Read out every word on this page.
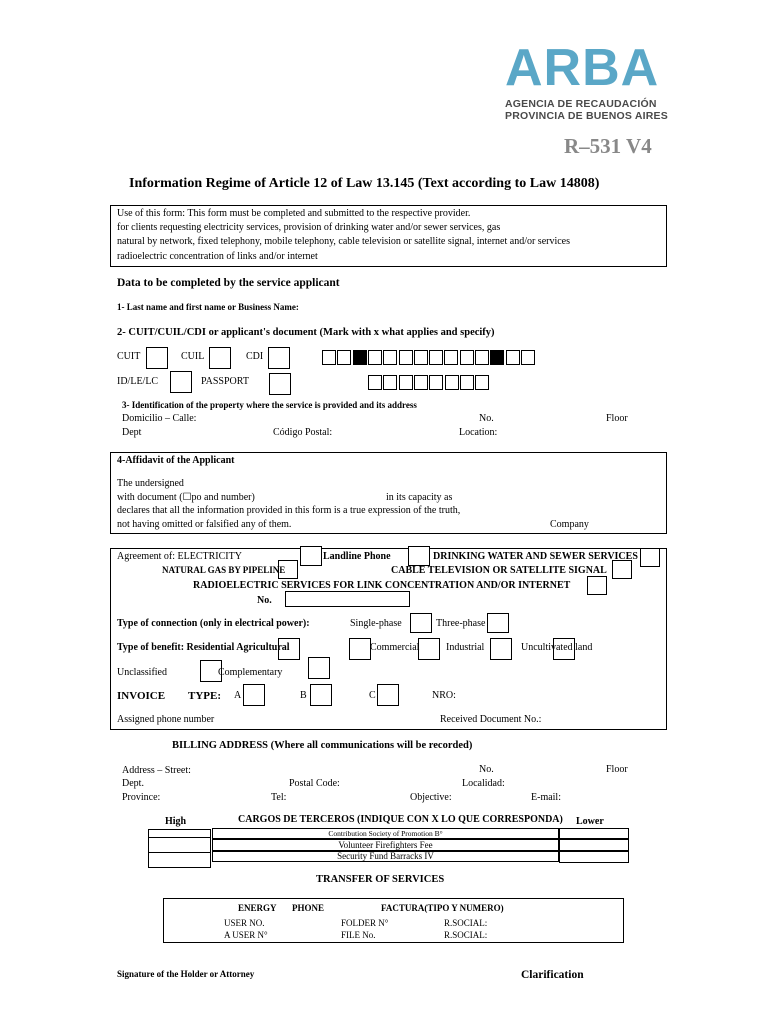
ARBA
AGENCIA DE RECAUDACIÓN
PROVINCIA DE BUENOS AIRES
R–531 V4
Information Regime of Article 12 of Law 13.145 (Text according to Law 14808)
Use of this form: This form must be completed and submitted to the respective provider.
for clients requesting electricity services, provision of drinking water and/or sewer services, gas
natural by network, fixed telephony, mobile telephony, cable television or satellite signal, internet and/or services
radioelectric concentration of links and/or internet
Data to be completed by the service applicant
1- Last name and first name or Business Name:
2- CUIT/CUIL/CDI or applicant's document (Mark with x what applies and specify)
CUIT	CUIL	CDI
ID/LE/LC	PASSPORT
3- Identification of the property where the service is provided and its address
Domicilio – Calle:	No.	Floor
Dept	Código Postal:	Location:
4-Affidavit of the Applicant
The undersigned
with document (☐po and number)	in its capacity as
declares that all the information provided in this form is a true expression of the truth,
not having omitted or falsified any of them.	Company
Agreement of: ELECTRICITY	Landline Phone	DRINKING WATER AND SEWER SERVICES
NATURAL GAS BY PIPELINE	CABLE TELEVISION OR SATELLITE SIGNAL
RADIOELECTRIC SERVICES FOR LINK CONCENTRATION AND/OR INTERNET
No.
Type of connection (only in electrical power):	Single-phase	Three-phase
Type of benefit: Residential Agricultural	Commercial	Industrial	Uncultivated land
Unclassified	Complementary
INVOICE TYPE: A	B	C	NRO:
Assigned phone number	Received Document No.:
BILLING ADDRESS (Where all communications will be recorded)
Address – Street:	No.	Floor
Dept.	Postal Code:	Localidad:
Province:	Tel:	Objective:	E-mail:
High	CARGOS DE TERCEROS (INDIQUE CON X LO QUE CORRESPONDA) Lower
Contribution Society of Promotion B°
Volunteer Firefighters Fee
Security Fund Barracks IV
TRANSFER OF SERVICES
ENERGY PHONE	FACTURA(TIPO Y NUMERO)
USER NO.	FOLDER N°	R.SOCIAL:
A USER N°	FILE No.	R.SOCIAL:
Signature of the Holder or Attorney	Clarification
